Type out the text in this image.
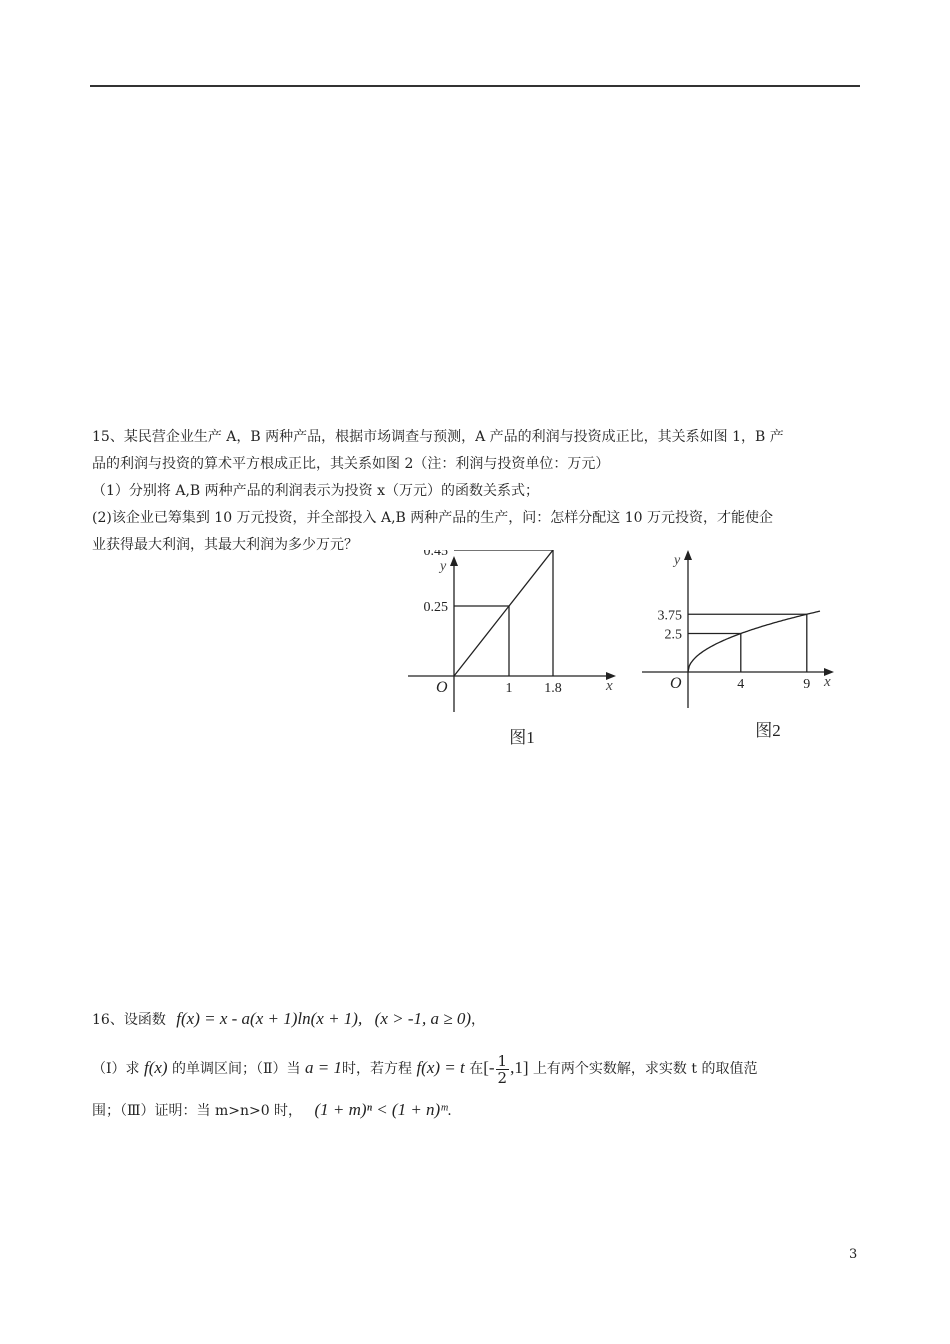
15、某民营企业生产 A，B 两种产品，根据市场调查与预测，A 产品的利润与投资成正比，其关系如图 1，B 产
品的利润与投资的算术平方根成正比，其关系如图 2（注：利润与投资单位：万元）
（1）分别将 A,B 两种产品的利润表示为投资 x（万元）的函数关系式；
(2)该企业已筹集到 10 万元投资，并全部投入 A,B 两种产品的生产，问：怎样分配这 10 万元投资，才能使企
业获得最大利润，其最大利润为多少万元？
1
0.25
1.8
0.45
O	x
y
图1
4
2.5
9
3.75
O	x
y
图2
16、设函数 f(x) = x - a(x + 1)ln(x + 1), (x > -1, a ≥ 0)，
（Ⅰ）求 f(x) 的单调区间；（Ⅱ）当 a = 1时，若方程 f(x) = t 在[- $\frac{1}{2} ,1$] 上有两个实数解，求实数 t 的取值范
围；（Ⅲ）证明：当 m>n>0 时， (1 + m)ⁿ < (1 + n)ᵐ.
3
